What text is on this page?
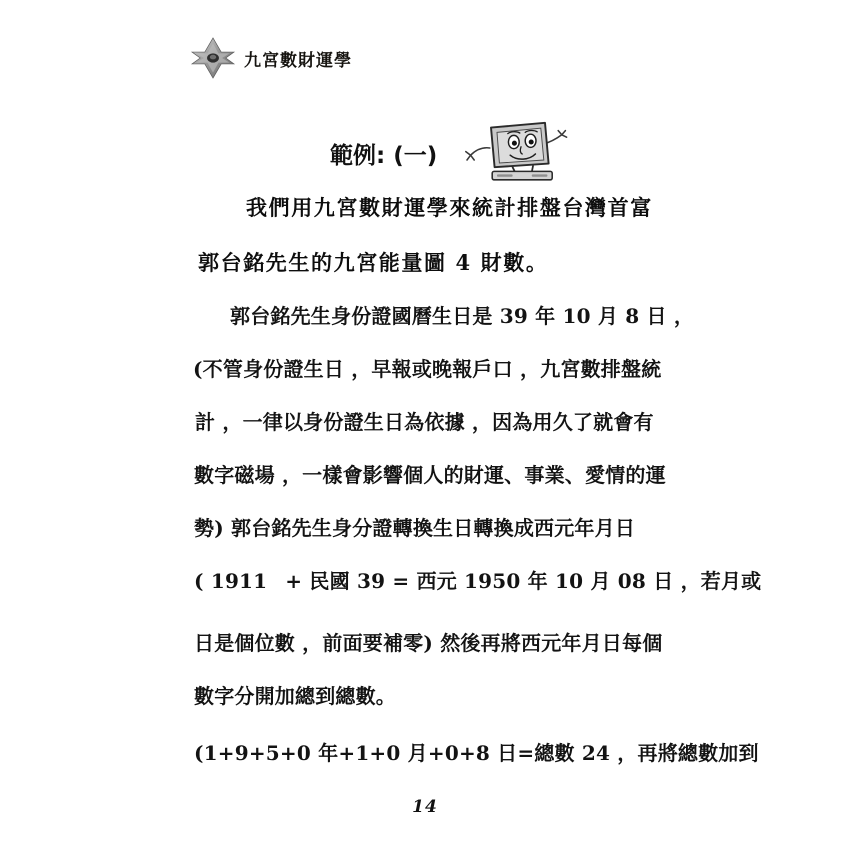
九宮數財運學
範例: (一)
我們用九宮數財運學來統計排盤台灣首富
郭台銘先生的九宮能量圖 4 財數。
郭台銘先生身份證國曆生日是 39 年 10 月 8 日 ，
(不管身份證生日 ，早報或晚報戶口 ，九宮數排盤統
計 ，一律以身份證生日為依據 ，因為用久了就會有
數字磁場 ，一樣會影響個人的財運、事業、愛情的運
勢) 郭台銘先生身分證轉換生日轉換成西元年月日
( 1911 + 民國 39 = 西元 1950 年 10 月 08 日 ，若月或
日是個位數 ，前面要補零) 然後再將西元年月日每個
數字分開加總到總數。
(1+9+5+0 年+1+0 月+0+8 日=總數 24 ，再將總數加到
14
